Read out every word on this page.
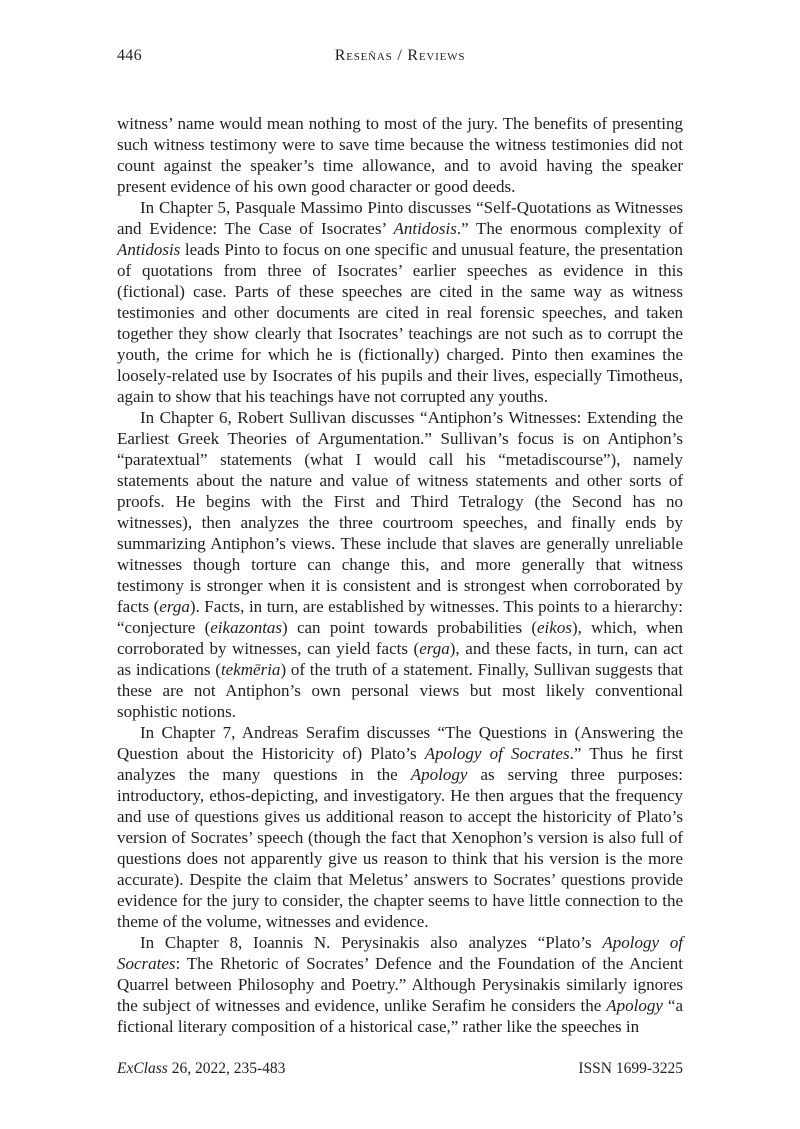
446	Reseñas / Reviews

witness’ name would mean nothing to most of the jury. The benefits of presenting such witness testimony were to save time because the witness testimonies did not count against the speaker’s time allowance, and to avoid having the speaker present evidence of his own good character or good deeds.

In Chapter 5, Pasquale Massimo Pinto discusses “Self-Quotations as Witnesses and Evidence: The Case of Isocrates’ Antidosis.” The enormous complexity of Antidosis leads Pinto to focus on one specific and unusual feature, the presentation of quotations from three of Isocrates’ earlier speeches as evidence in this (fictional) case. Parts of these speeches are cited in the same way as witness testimonies and other documents are cited in real forensic speeches, and taken together they show clearly that Isocrates’ teachings are not such as to corrupt the youth, the crime for which he is (fictionally) charged. Pinto then examines the loosely-related use by Isocrates of his pupils and their lives, especially Timotheus, again to show that his teachings have not corrupted any youths.

In Chapter 6, Robert Sullivan discusses “Antiphon’s Witnesses: Extending the Earliest Greek Theories of Argumentation.” Sullivan’s focus is on Antiphon’s “paratextual” statements (what I would call his “metadiscourse”), namely statements about the nature and value of witness statements and other sorts of proofs. He begins with the First and Third Tetralogy (the Second has no witnesses), then analyzes the three courtroom speeches, and finally ends by summarizing Antiphon’s views. These include that slaves are generally unreliable witnesses though torture can change this, and more generally that witness testimony is stronger when it is consistent and is strongest when corroborated by facts (erga). Facts, in turn, are established by witnesses. This points to a hierarchy: “conjecture (eikazontas) can point towards probabilities (eikos), which, when corroborated by witnesses, can yield facts (erga), and these facts, in turn, can act as indications (tekmēria) of the truth of a statement. Finally, Sullivan suggests that these are not Antiphon’s own personal views but most likely conventional sophistic notions.

In Chapter 7, Andreas Serafim discusses “The Questions in (Answering the Question about the Historicity of) Plato’s Apology of Socrates.” Thus he first analyzes the many questions in the Apology as serving three purposes: introductory, ethos-depicting, and investigatory. He then argues that the frequency and use of questions gives us additional reason to accept the historicity of Plato’s version of Socrates’ speech (though the fact that Xenophon’s version is also full of questions does not apparently give us reason to think that his version is the more accurate). Despite the claim that Meletus’ answers to Socrates’ questions provide evidence for the jury to consider, the chapter seems to have little connection to the theme of the volume, witnesses and evidence.

In Chapter 8, Ioannis N. Perysinakis also analyzes “Plato’s Apology of Socrates: The Rhetoric of Socrates’ Defence and the Foundation of the Ancient Quarrel between Philosophy and Poetry.” Although Perysinakis similarly ignores the subject of witnesses and evidence, unlike Serafim he considers the Apology “a fictional literary composition of a historical case,” rather like the speeches in

ExClass 26, 2022, 235-483	ISSN 1699-3225
